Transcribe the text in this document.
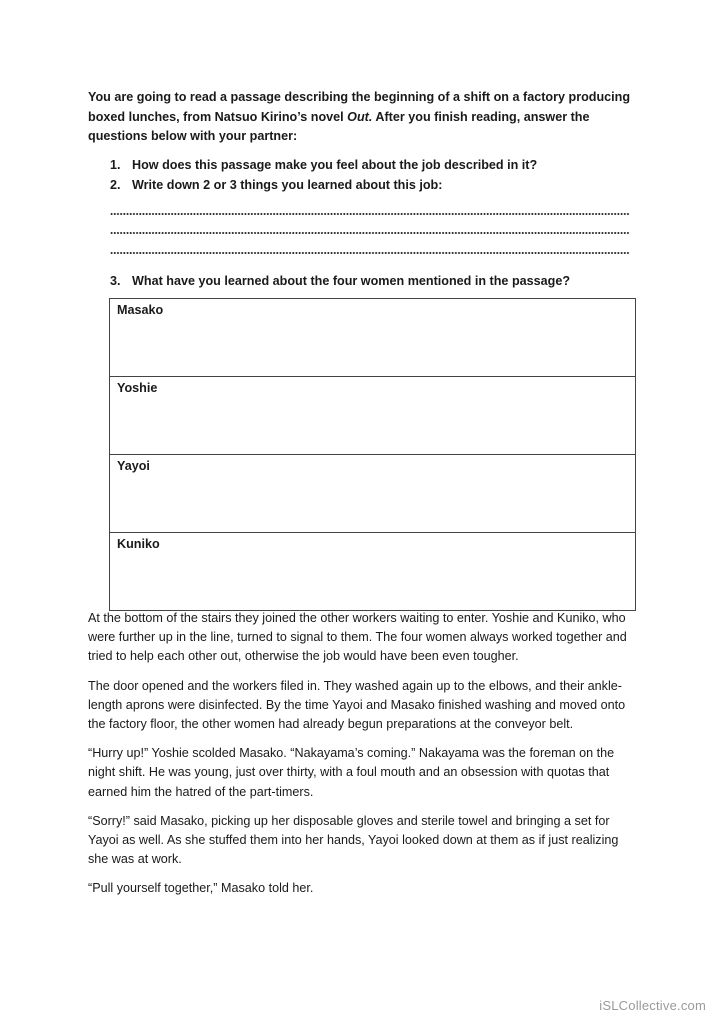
You are going to read a passage describing the beginning of a shift on a factory producing boxed lunches, from Natsuo Kirino’s novel Out. After you finish reading, answer the questions below with your partner:
1. How does this passage make you feel about the job described in it?
2. Write down 2 or 3 things you learned about this job:
3. What have you learned about the four women mentioned in the passage?
Masako
Yoshie
Yayoi
Kuniko

At the bottom of the stairs they joined the other workers waiting to enter. Yoshie and Kuniko, who were further up in the line, turned to signal to them. The four women always worked together and tried to help each other out, otherwise the job would have been even tougher.

The door opened and the workers filed in. They washed again up to the elbows, and their ankle-length aprons were disinfected. By the time Yayoi and Masako finished washing and moved onto the factory floor, the other women had already begun preparations at the conveyor belt.

“Hurry up!” Yoshie scolded Masako. “Nakayama’s coming.” Nakayama was the foreman on the night shift. He was young, just over thirty, with a foul mouth and an obsession with quotas that earned him the hatred of the part-timers.

“Sorry!” said Masako, picking up her disposable gloves and sterile towel and bringing a set for Yayoi as well. As she stuffed them into her hands, Yayoi looked down at them as if just realizing she was at work.

“Pull yourself together,” Masako told her.

iSLCollective.com
